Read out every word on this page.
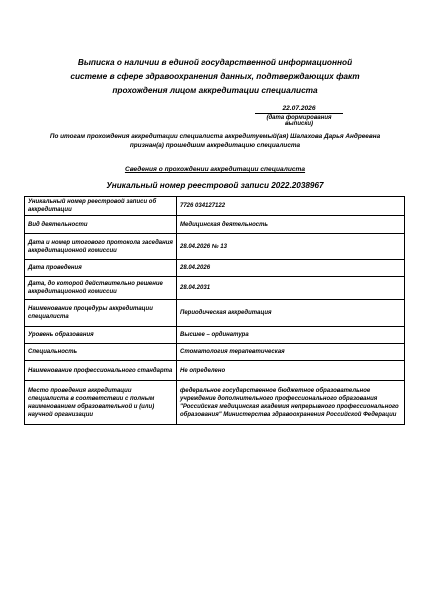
Выписка о наличии в единой государственной информационной
системе в сфере здравоохранения данных, подтверждающих факт
прохождения лицом аккредитации специалиста
22.07.2026
(дата формирования выписки)
По итогам прохождения аккредитации специалиста аккредитуемый(ая) Шалахова Дарья Андреевна
признан(а) прошедшим аккредитацию специалиста
Сведения о прохождении аккредитации специалиста
Уникальный номер реестровой записи 2022.2038967
Уникальный номер реестровой записи об аккредитации	7726 034127122
Вид деятельности	Медицинская деятельность
Дата и номер итогового протокола заседания аккредитационной комиссии	28.04.2026 № 13
Дата проведения	28.04.2026
Дата, до которой действительно решение аккредитационной комиссии	28.04.2031
Наименование процедуры аккредитации специалиста	Периодическая аккредитация
Уровень образования	Высшее – ординатура
Специальность	Стоматология терапевтическая
Наименование профессионального стандарта	Не определено
Место проведения аккредитации специалиста в соответствии с полным наименованием образовательной и (или) научной организации	федеральное государственное бюджетное образовательное учреждение дополнительного профессионального образования "Российская медицинская академия непрерывного профессионального образования" Министерства здравоохранения Российской Федерации
